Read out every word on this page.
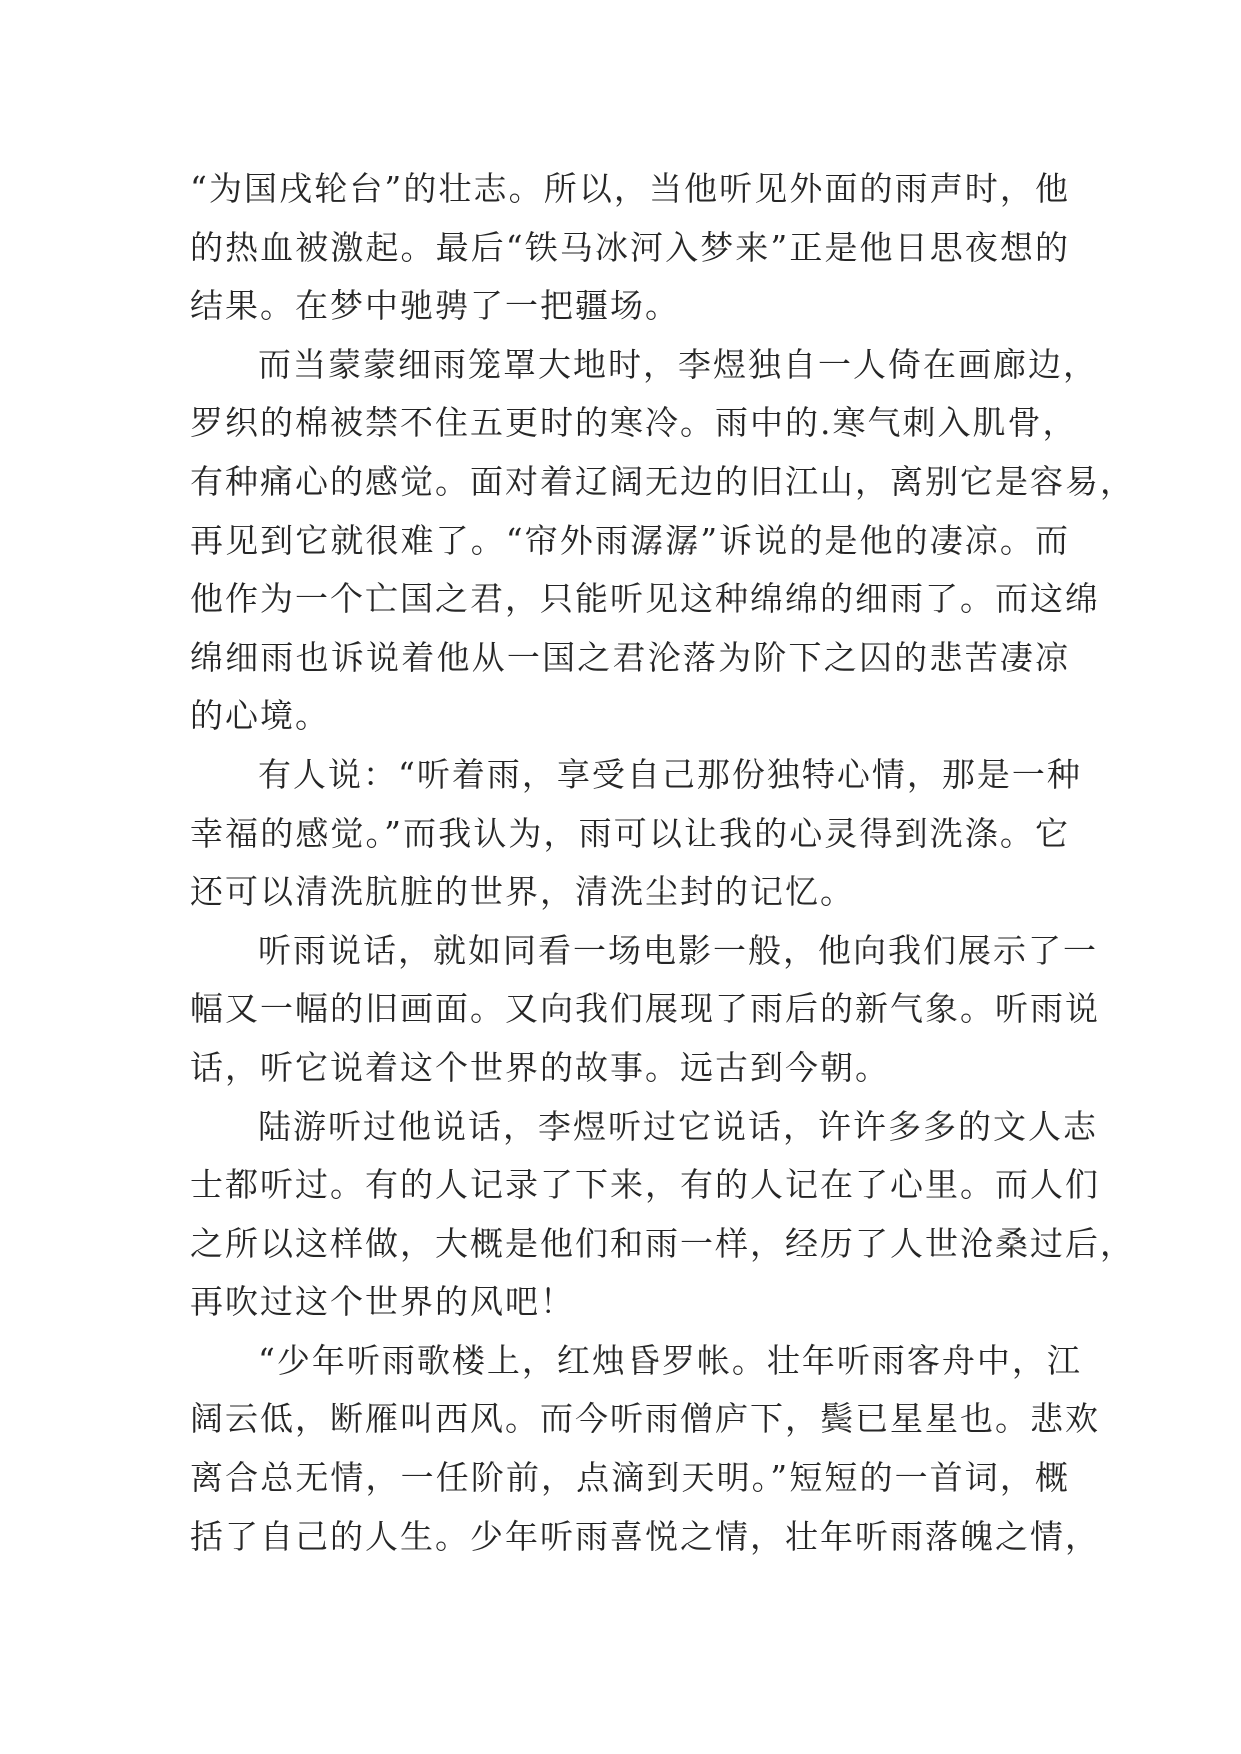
“为国戌轮台”的壮志。所以，当他听见外面的雨声时，他
的热血被激起。最后“铁马冰河入梦来”正是他日思夜想的
结果。在梦中驰骋了一把疆场。
而当蒙蒙细雨笼罩大地时，李煜独自一人倚在画廊边，
罗织的棉被禁不住五更时的寒冷。雨中的.寒气刺入肌骨，
有种痛心的感觉。面对着辽阔无边的旧江山，离别它是容易，
再见到它就很难了。“帘外雨潺潺”诉说的是他的凄凉。而
他作为一个亡国之君，只能听见这种绵绵的细雨了。而这绵
绵细雨也诉说着他从一国之君沦落为阶下之囚的悲苦凄凉
的心境。
有人说：“听着雨，享受自己那份独特心情，那是一种
幸福的感觉。”而我认为，雨可以让我的心灵得到洗涤。它
还可以清洗肮脏的世界，清洗尘封的记忆。
听雨说话，就如同看一场电影一般，他向我们展示了一
幅又一幅的旧画面。又向我们展现了雨后的新气象。听雨说
话，听它说着这个世界的故事。远古到今朝。
陆游听过他说话，李煜听过它说话，许许多多的文人志
士都听过。有的人记录了下来，有的人记在了心里。而人们
之所以这样做，大概是他们和雨一样，经历了人世沧桑过后，
再吹过这个世界的风吧！
“少年听雨歌楼上，红烛昏罗帐。壮年听雨客舟中，江
阔云低，断雁叫西风。而今听雨僧庐下，鬓已星星也。悲欢
离合总无情，一任阶前，点滴到天明。”短短的一首词，概
括了自己的人生。少年听雨喜悦之情，壮年听雨落魄之情，
